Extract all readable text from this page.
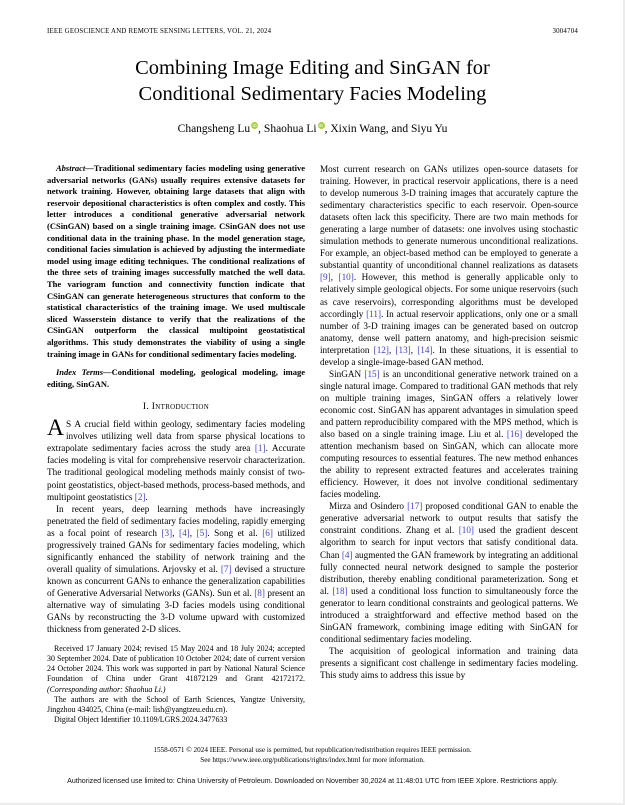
IEEE GEOSCIENCE AND REMOTE SENSING LETTERS, VOL. 21, 2024	3004704
Combining Image Editing and SinGAN for
Conditional Sedimentary Facies Modeling
Changsheng Lu iD, Shaohua Li iD, Xixin Wang, and Siyu Yu

Abstract—Traditional sedimentary facies modeling using generative adversarial networks (GANs) usually requires extensive datasets for network training. However, obtaining large datasets that align with reservoir depositional characteristics is often complex and costly. This letter introduces a conditional generative adversarial network (CSinGAN) based on a single training image. CSinGAN does not use conditional data in the training phase. In the model generation stage, conditional facies simulation is achieved by adjusting the intermediate model using image editing techniques. The conditional realizations of the three sets of training images successfully matched the well data. The variogram function and connectivity function indicate that CSinGAN can generate heterogeneous structures that conform to the statistical characteristics of the training image. We used multiscale sliced Wasserstein distance to verify that the realizations of the CSinGAN outperform the classical multipoint geostatistical algorithms. This study demonstrates the viability of using a single training image in GANs for conditional sedimentary facies modeling.

Index Terms—Conditional modeling, geological modeling, image editing, SinGAN.

I. Introduction

A S A crucial field within geology, sedimentary facies modeling involves utilizing well data from sparse physical locations to extrapolate sedimentary facies across the study area [1]. Accurate facies modeling is vital for comprehensive reservoir characterization. The traditional geological modeling methods mainly consist of two-point geostatistics, object-based methods, process-based methods, and multipoint geostatistics [2].

In recent years, deep learning methods have increasingly penetrated the field of sedimentary facies modeling, rapidly emerging as a focal point of research [3], [4], [5]. Song et al. [6] utilized progressively trained GANs for sedimentary facies modeling, which significantly enhanced the stability of network training and the overall quality of simulations. Arjovsky et al. [7] devised a structure known as concurrent GANs to enhance the generalization capabilities of Generative Adversarial Networks (GANs). Sun et al. [8] present an alternative way of simulating 3-D facies models using conditional GANs by reconstructing the 3-D volume upward with customized thickness from generated 2-D slices.

Received 17 January 2024; revised 15 May 2024 and 18 July 2024; accepted 30 September 2024. Date of publication 10 October 2024; date of current version 24 October 2024. This work was supported in part by National Natural Science Foundation of China under Grant 41872129 and Grant 42172172. (Corresponding author: Shaohua Li.)

The authors are with the School of Earth Sciences, Yangtze University, Jingzhou 434025, China (e-mail: lish@yangtzeu.edu.cn).

Digital Object Identifier 10.1109/LGRS.2024.3477633

Most current research on GANs utilizes open-source datasets for training. However, in practical reservoir applications, there is a need to develop numerous 3-D training images that accurately capture the sedimentary characteristics specific to each reservoir. Open-source datasets often lack this specificity. There are two main methods for generating a large number of datasets: one involves using stochastic simulation methods to generate numerous unconditional realizations. For example, an object-based method can be employed to generate a substantial quantity of unconditional channel realizations as datasets [9], [10]. However, this method is generally applicable only to relatively simple geological objects. For some unique reservoirs (such as cave reservoirs), corresponding algorithms must be developed accordingly [11]. In actual reservoir applications, only one or a small number of 3-D training images can be generated based on outcrop anatomy, dense well pattern anatomy, and high-precision seismic interpretation [12], [13], [14]. In these situations, it is essential to develop a single-image-based GAN method.

SinGAN [15] is an unconditional generative network trained on a single natural image. Compared to traditional GAN methods that rely on multiple training images, SinGAN offers a relatively lower economic cost. SinGAN has apparent advantages in simulation speed and pattern reproducibility compared with the MPS method, which is also based on a single training image. Liu et al. [16] developed the attention mechanism based on SinGAN, which can allocate more computing resources to essential features. The new method enhances the ability to represent extracted features and accelerates training efficiency. However, it does not involve conditional sedimentary facies modeling.

Mirza and Osindero [17] proposed conditional GAN to enable the generative adversarial network to output results that satisfy the constraint conditions. Zhang et al. [10] used the gradient descent algorithm to search for input vectors that satisfy conditional data. Chan [4] augmented the GAN framework by integrating an additional fully connected neural network designed to sample the posterior distribution, thereby enabling conditional parameterization. Song et al. [18] used a conditional loss function to simultaneously force the generator to learn conditional constraints and geological patterns. We introduced a straightforward and effective method based on the SinGAN framework, combining image editing with SinGAN for conditional sedimentary facies modeling.

The acquisition of geological information and training data presents a significant cost challenge in sedimentary facies modeling. This study aims to address this issue by

1558-0571 © 2024 IEEE. Personal use is permitted, but republication/redistribution requires IEEE permission.
See https://www.ieee.org/publications/rights/index.html for more information.
Authorized licensed use limited to: China University of Petroleum. Downloaded on November 30,2024 at 11:48:01 UTC from IEEE Xplore. Restrictions apply.
